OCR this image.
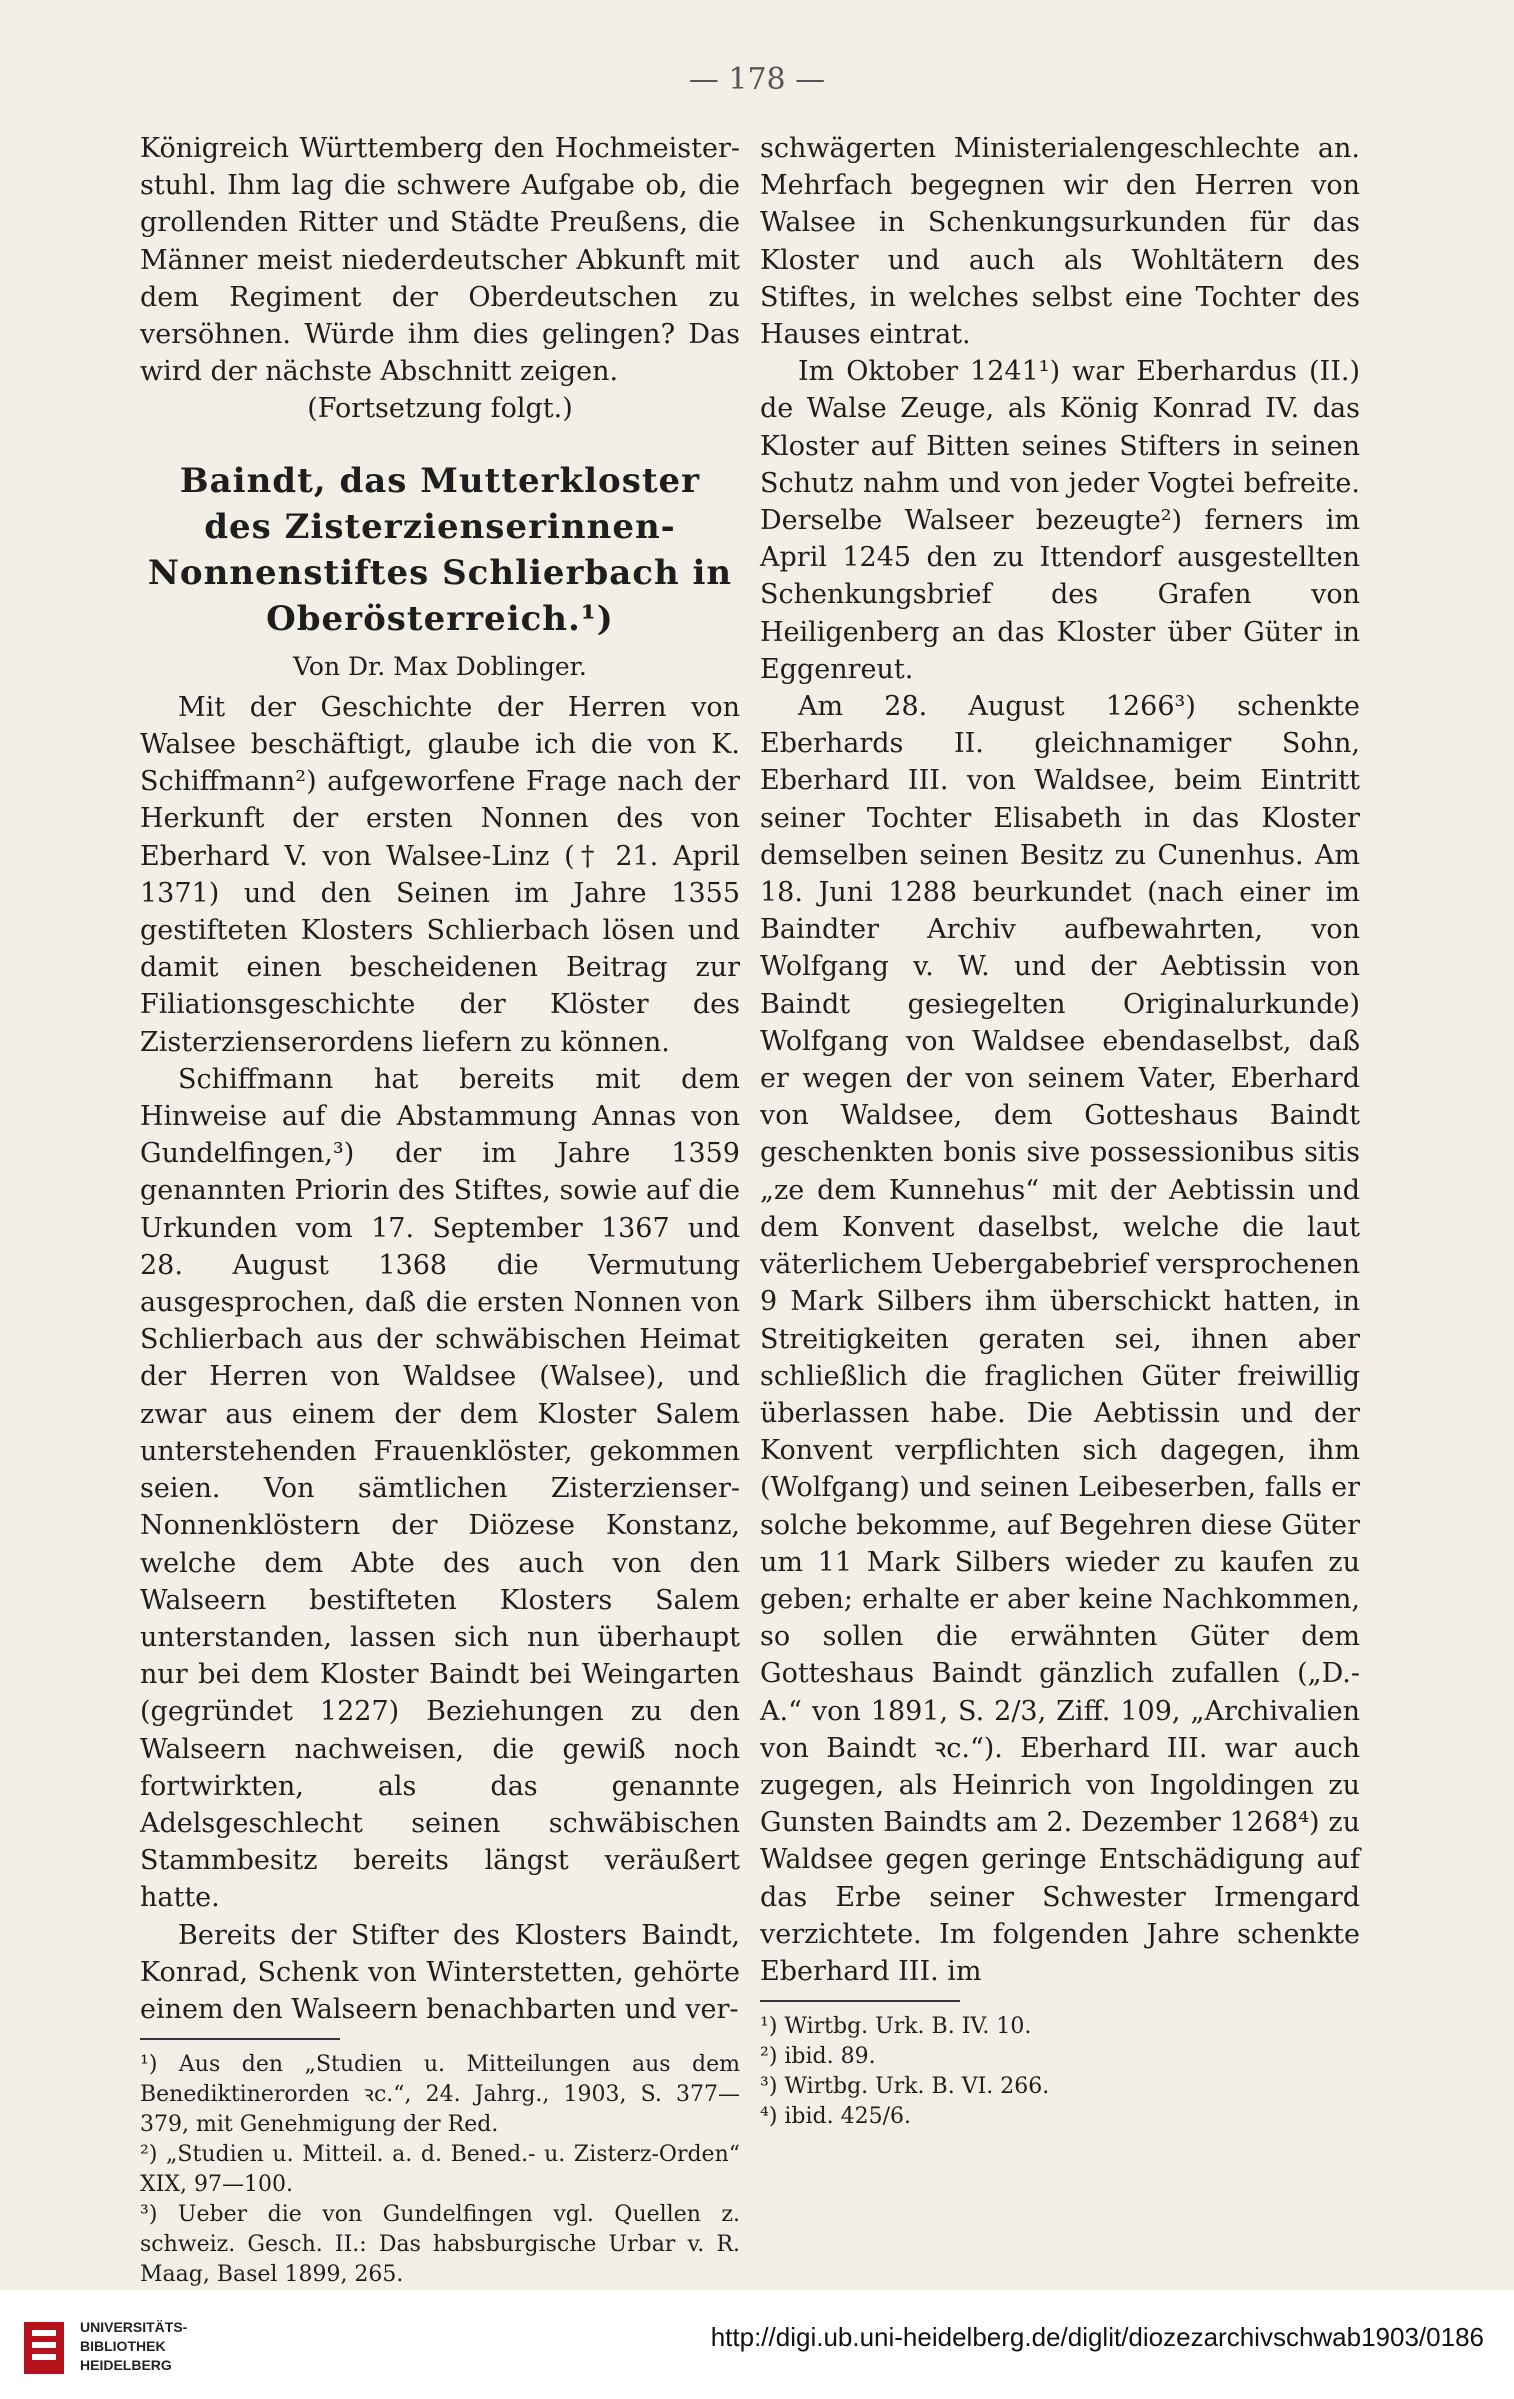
— 178 —

Königreich Württemberg den Hochmeister-stuhl. Ihm lag die schwere Aufgabe ob, die grollenden Ritter und Städte Preußens, die Männer meist niederdeutscher Abkunft mit dem Regiment der Oberdeutschen zu versöhnen. Würde ihm dies gelingen? Das wird der nächste Abschnitt zeigen.

(Fortsetzung folgt.)

Baindt, das Mutterkloster des Zisterzienserinnen-Nonnenstiftes Schlierbach in Oberösterreich.¹)
Von Dr. Max Doblinger.

Mit der Geschichte der Herren von Walsee beschäftigt, glaube ich die von K. Schiffmann²) aufgeworfene Frage nach der Herkunft der ersten Nonnen des von Eberhard V. von Walsee-Linz († 21. April 1371) und den Seinen im Jahre 1355 gestifteten Klosters Schlierbach lösen und damit einen bescheidenen Beitrag zur Filiationsgeschichte der Klöster des Zisterzienserordens liefern zu können.

Schiffmann hat bereits mit dem Hinweise auf die Abstammung Annas von Gundelfingen,³) der im Jahre 1359 genannten Priorin des Stiftes, sowie auf die Urkunden vom 17. September 1367 und 28. August 1368 die Vermutung ausgesprochen, daß die ersten Nonnen von Schlierbach aus der schwäbischen Heimat der Herren von Waldsee (Walsee), und zwar aus einem der dem Kloster Salem unterstehenden Frauenklöster, gekommen seien. Von sämtlichen Zisterzienser-Nonnenklöstern der Diözese Konstanz, welche dem Abte des auch von den Walseern bestifteten Klosters Salem unterstanden, lassen sich nun überhaupt nur bei dem Kloster Baindt bei Weingarten (gegründet 1227) Beziehungen zu den Walseern nachweisen, die gewiß noch fortwirkten, als das genannte Adelsgeschlecht seinen schwäbischen Stammbesitz bereits längst veräußert hatte.

Bereits der Stifter des Klosters Baindt, Konrad, Schenk von Winterstetten, gehörte einem den Walseern benachbarten und ver-

¹) Aus den „Studien u. Mitteilungen aus dem Benediktinerorden ꝛc.“, 24. Jahrg., 1903, S. 377—379, mit Genehmigung der Red.

²) „Studien u. Mitteil. a. d. Bened.- u. Zisterz-Orden“ XIX, 97—100.

³) Ueber die von Gundelfingen vgl. Quellen z. schweiz. Gesch. II.: Das habsburgische Urbar v. R. Maag, Basel 1899, 265.

schwägerten Ministerialengeschlechte an. Mehrfach begegnen wir den Herren von Walsee in Schenkungsurkunden für das Kloster und auch als Wohltätern des Stiftes, in welches selbst eine Tochter des Hauses eintrat.

Im Oktober 1241¹) war Eberhardus (II.) de Walse Zeuge, als König Konrad IV. das Kloster auf Bitten seines Stifters in seinen Schutz nahm und von jeder Vogtei befreite. Derselbe Walseer bezeugte²) ferners im April 1245 den zu Ittendorf ausgestellten Schenkungsbrief des Grafen von Heiligenberg an das Kloster über Güter in Eggenreut.

Am 28. August 1266³) schenkte Eberhards II. gleichnamiger Sohn, Eberhard III. von Waldsee, beim Eintritt seiner Tochter Elisabeth in das Kloster demselben seinen Besitz zu Cunenhus. Am 18. Juni 1288 beurkundet (nach einer im Baindter Archiv aufbewahrten, von Wolfgang v. W. und der Aebtissin von Baindt gesiegelten Originalurkunde) Wolfgang von Waldsee ebendaselbst, daß er wegen der von seinem Vater, Eberhard von Waldsee, dem Gotteshaus Baindt geschenkten bonis sive possessionibus sitis „ze dem Kunnehus“ mit der Aebtissin und dem Konvent daselbst, welche die laut väterlichem Uebergabebrief versprochenen 9 Mark Silbers ihm überschickt hatten, in Streitigkeiten geraten sei, ihnen aber schließlich die fraglichen Güter freiwillig überlassen habe. Die Aebtissin und der Konvent verpflichten sich dagegen, ihm (Wolfgang) und seinen Leibeserben, falls er solche bekomme, auf Begehren diese Güter um 11 Mark Silbers wieder zu kaufen zu geben; erhalte er aber keine Nachkommen, so sollen die erwähnten Güter dem Gotteshaus Baindt gänzlich zufallen („D.-A.“ von 1891, S. 2/3, Ziff. 109, „Archivalien von Baindt ꝛc.“). Eberhard III. war auch zugegen, als Heinrich von Ingoldingen zu Gunsten Baindts am 2. Dezember 1268⁴) zu Waldsee gegen geringe Entschädigung auf das Erbe seiner Schwester Irmengard verzichtete. Im folgenden Jahre schenkte Eberhard III. im

¹) Wirtbg. Urk. B. IV. 10.

²) ibid. 89.

³) Wirtbg. Urk. B. VI. 266.

⁴) ibid. 425/6.

UNIVERSITÄTS-
BIBLIOTHEK
HEIDELBERG
http://digi.ub.uni-heidelberg.de/diglit/diozezarchivschwab1903/0186
